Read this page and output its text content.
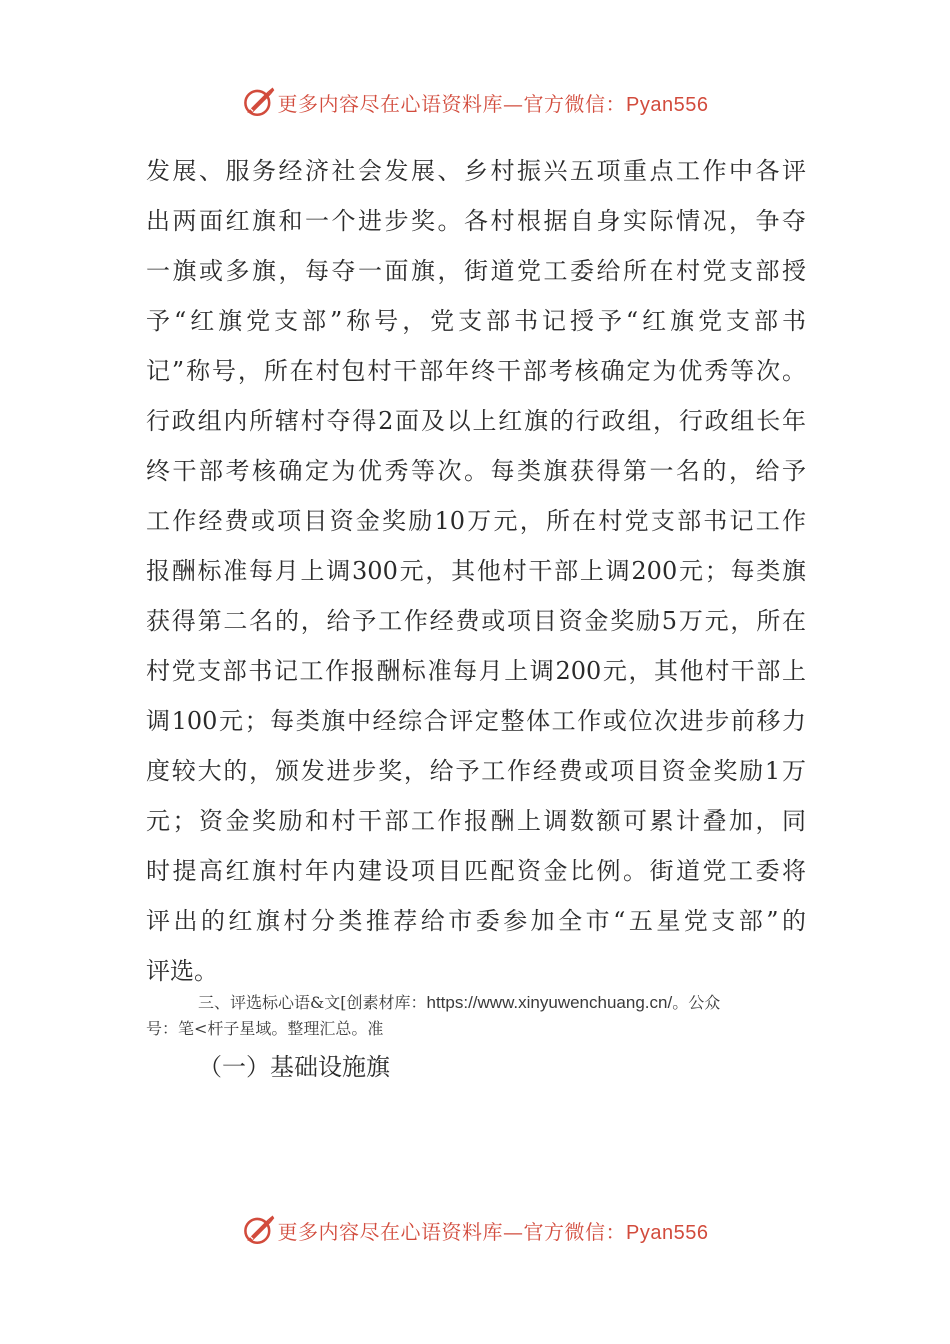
更多内容尽在心语资料库—官方微信：Pyan556
发展、服务经济社会发展、乡村振兴五项重点工作中各评
出两面红旗和一个进步奖。各村根据自身实际情况，争夺
一旗或多旗，每夺一面旗，街道党工委给所在村党支部授
予“红旗党支部”称号，党支部书记授予“红旗党支部书
记”称号，所在村包村干部年终干部考核确定为优秀等次。
行政组内所辖村夺得2面及以上红旗的行政组，行政组长年
终干部考核确定为优秀等次。每类旗获得第一名的，给予
工作经费或项目资金奖励10万元，所在村党支部书记工作
报酬标准每月上调300元，其他村干部上调200元；每类旗
获得第二名的，给予工作经费或项目资金奖励5万元，所在
村党支部书记工作报酬标准每月上调200元，其他村干部上
调100元；每类旗中经综合评定整体工作或位次进步前移力
度较大的，颁发进步奖，给予工作经费或项目资金奖励1万
元；资金奖励和村干部工作报酬上调数额可累计叠加，同
时提高红旗村年内建设项目匹配资金比例。街道党工委将
评出的红旗村分类推荐给市委参加全市“五星党支部”的
评选。

三、评选标心语&文[创素材库：https://www.xinyuwenchuang.cn/。公众
号：笔<杆子星域。整理汇总。准

（一）基础设施旗

更多内容尽在心语资料库—官方微信：Pyan556
